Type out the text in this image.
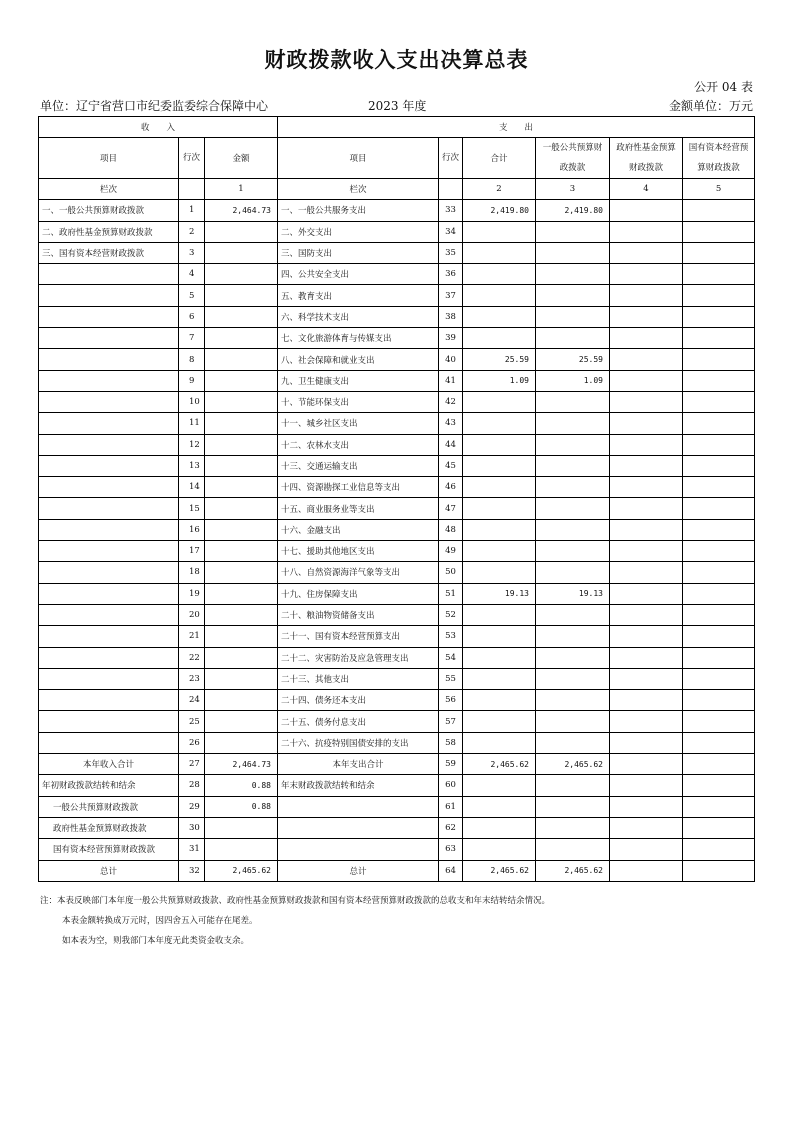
财政拨款收入支出决算总表
公开 04 表
单位：辽宁省营口市纪委监委综合保障中心	2023 年度	金额单位：万元
收　　入			支　　出					
项目	行次	金额	项目	行次	合计	一般公共预算财政拨款	政府性基金预算财政拨款	国有资本经营预算财政拨款
栏次		1	栏次		2	3	4	5
一、一般公共预算财政拨款	1	2,464.73	一、一般公共服务支出	33	2,419.80	2,419.80		
二、政府性基金预算财政拨款	2		二、外交支出	34				
三、国有资本经营财政拨款	3		三、国防支出	35				
	4		四、公共安全支出	36				
	5		五、教育支出	37				
	6		六、科学技术支出	38				
	7		七、文化旅游体育与传媒支出	39				
	8		八、社会保障和就业支出	40	25.59	25.59		
	9		九、卫生健康支出	41	1.09	1.09		
	10		十、节能环保支出	42				
	11		十一、城乡社区支出	43				
	12		十二、农林水支出	44				
	13		十三、交通运输支出	45				
	14		十四、资源勘探工业信息等支出	46				
	15		十五、商业服务业等支出	47				
	16		十六、金融支出	48				
	17		十七、援助其他地区支出	49				
	18		十八、自然资源海洋气象等支出	50				
	19		十九、住房保障支出	51	19.13	19.13		
	20		二十、粮油物资储备支出	52				
	21		二十一、国有资本经营预算支出	53				
	22		二十二、灾害防治及应急管理支出	54				
	23		二十三、其他支出	55				
	24		二十四、债务还本支出	56				
	25		二十五、债务付息支出	57				
	26		二十六、抗疫特别国债安排的支出	58				
本年收入合计	27	2,464.73	本年支出合计	59	2,465.62	2,465.62		
年初财政拨款结转和结余	28	0.88	年末财政拨款结转和结余	60				
一般公共预算财政拨款	29	0.88		61				
政府性基金预算财政拨款	30			62				
国有资本经营预算财政拨款	31			63				
总计	32	2,465.62	总计	64	2,465.62	2,465.62		
注：本表反映部门本年度一般公共预算财政拨款、政府性基金预算财政拨款和国有资本经营预算财政拨款的总收支和年末结转结余情况。
本表金额转换成万元时，因四舍五入可能存在尾差。
如本表为空，则我部门本年度无此类资金收支余。
